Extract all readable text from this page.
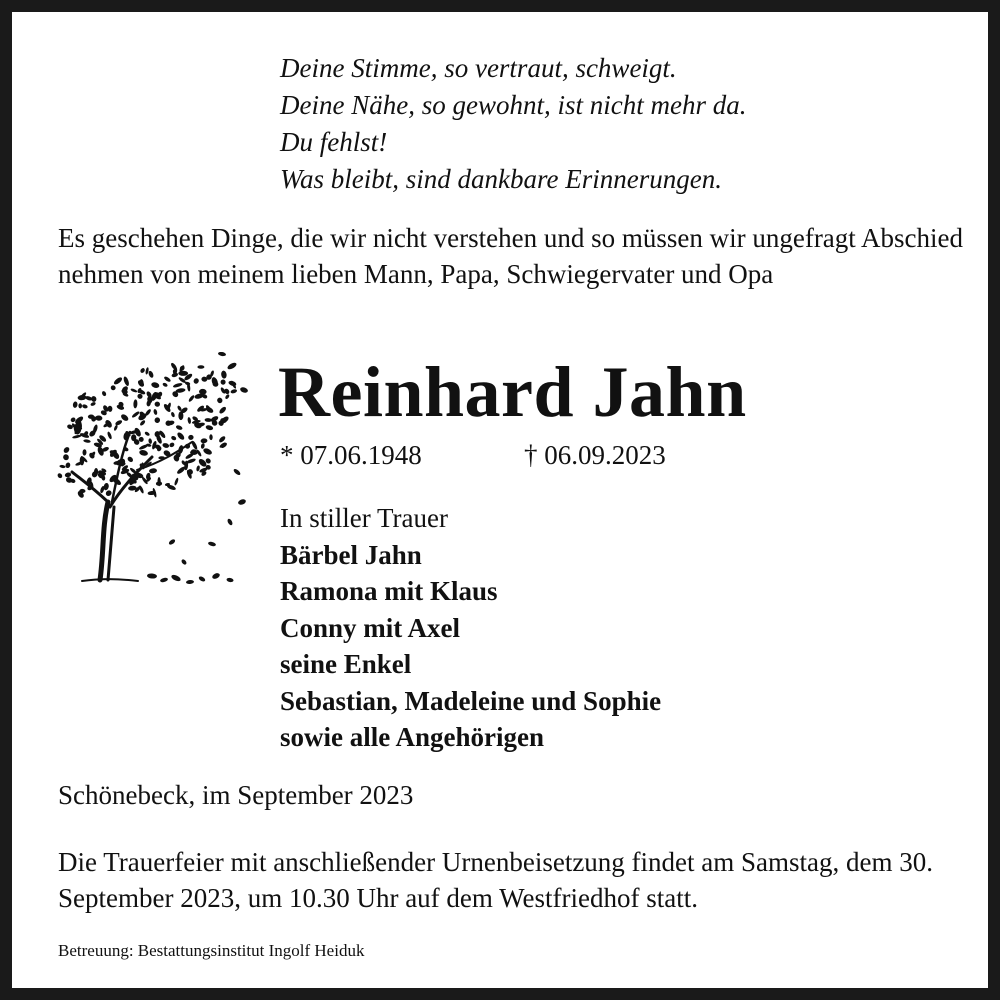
Deine Stimme, so vertraut, schweigt.
Deine Nähe, so gewohnt, ist nicht mehr da.
Du fehlst!
Was bleibt, sind dankbare Erinnerungen.
Es geschehen Dinge, die wir nicht verstehen und so müssen wir ungefragt Abschied nehmen von meinem lieben Mann, Papa, Schwiegervater und Opa
Reinhard Jahn
* 07.06.1948	† 06.09.2023
In stiller Trauer
Bärbel Jahn
Ramona mit Klaus
Conny mit Axel
seine Enkel
Sebastian, Madeleine und Sophie
sowie alle Angehörigen
Schönebeck, im September 2023
Die Trauerfeier mit anschließender Urnenbeisetzung findet am Samstag, dem 30. September 2023, um 10.30 Uhr auf dem Westfriedhof statt.
Betreuung: Bestattungsinstitut Ingolf Heiduk
